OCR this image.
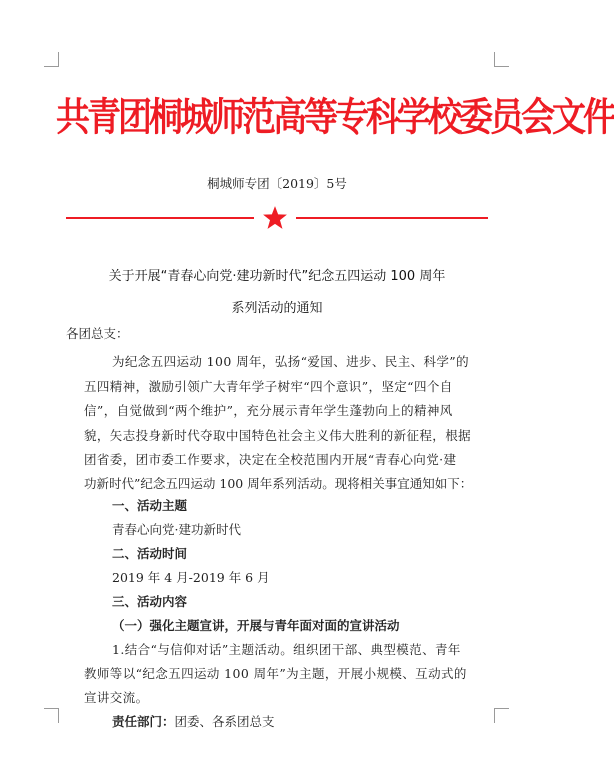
共青团桐城师范高等专科学校委员会文件
桐城师专团〔2019〕5号
关于开展“青春心向党·建功新时代”纪念五四运动 100 周年
系列活动的通知
各团总支：
为纪念五四运动 100 周年，弘扬“爱国、进步、民主、科学”的
五四精神，激励引领广大青年学子树牢“四个意识”，坚定“四个自
信”，自觉做到“两个维护”，充分展示青年学生蓬勃向上的精神风
貌，矢志投身新时代夺取中国特色社会主义伟大胜利的新征程，根据
团省委，团市委工作要求，决定在全校范围内开展“青春心向党·建
功新时代”纪念五四运动 100 周年系列活动。现将相关事宜通知如下：
一、活动主题
青春心向党·建功新时代
二、活动时间
2019 年 4 月-2019 年 6 月
三、活动内容
（一）强化主题宣讲，开展与青年面对面的宣讲活动
1.结合“与信仰对话”主题活动。组织团干部、典型模范、青年
教师等以“纪念五四运动 100 周年”为主题，开展小规模、互动式的
宣讲交流。
责任部门：团委、各系团总支
